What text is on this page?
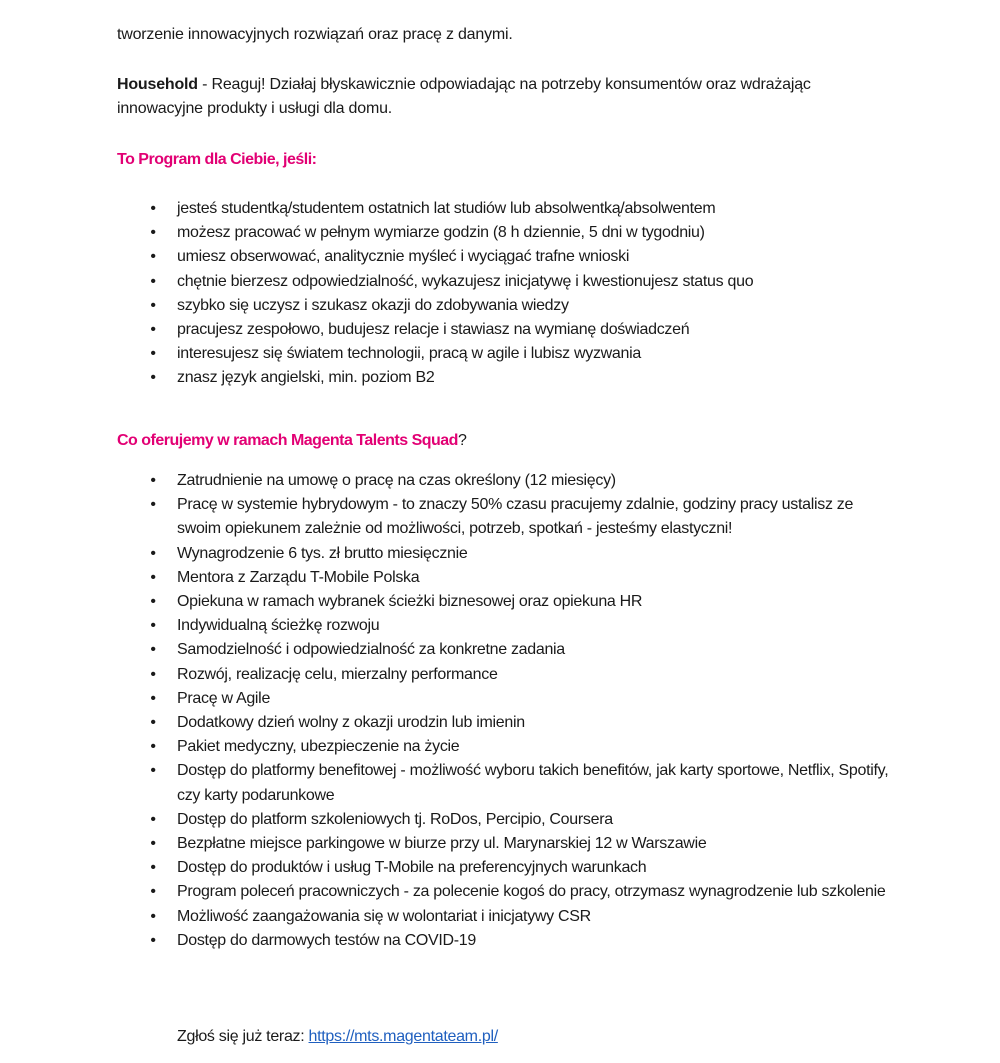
tworzenie innowacyjnych rozwiązań oraz pracę z danymi.
Household - Reaguj! Działaj błyskawicznie odpowiadając na potrzeby konsumentów oraz wdrażając innowacyjne produkty i usługi dla domu.
To Program dla Ciebie, jeśli:
• jesteś studentką/studentem ostatnich lat studiów lub absolwentką/absolwentem
• możesz pracować w pełnym wymiarze godzin (8 h dziennie, 5 dni w tygodniu)
• umiesz obserwować, analitycznie myśleć i wyciągać trafne wnioski
• chętnie bierzesz odpowiedzialność, wykazujesz inicjatywę i kwestionujesz status quo
• szybko się uczysz i szukasz okazji do zdobywania wiedzy
• pracujesz zespołowo, budujesz relacje i stawiasz na wymianę doświadczeń
• interesujesz się światem technologii, pracą w agile i lubisz wyzwania
• znasz język angielski, min. poziom B2
Co oferujemy w ramach Magenta Talents Squad?
• Zatrudnienie na umowę o pracę na czas określony (12 miesięcy)
• Pracę w systemie hybrydowym - to znaczy 50% czasu pracujemy zdalnie, godziny pracy ustalisz ze swoim opiekunem zależnie od możliwości, potrzeb, spotkań - jesteśmy elastyczni!
• Wynagrodzenie 6 tys. zł brutto miesięcznie
• Mentora z Zarządu T-Mobile Polska
• Opiekuna w ramach wybranek ścieżki biznesowej oraz opiekuna HR
• Indywidualną ścieżkę rozwoju
• Samodzielność i odpowiedzialność za konkretne zadania
• Rozwój, realizację celu, mierzalny performance
• Pracę w Agile
• Dodatkowy dzień wolny z okazji urodzin lub imienin
• Pakiet medyczny, ubezpieczenie na życie
• Dostęp do platformy benefitowej - możliwość wyboru takich benefitów, jak karty sportowe, Netflix, Spotify, czy karty podarunkowe
• Dostęp do platform szkoleniowych tj. RoDos, Percipio, Coursera
• Bezpłatne miejsce parkingowe w biurze przy ul. Marynarskiej 12 w Warszawie
• Dostęp do produktów i usług T-Mobile na preferencyjnych warunkach
• Program poleceń pracowniczych - za polecenie kogoś do pracy, otrzymasz wynagrodzenie lub szkolenie
• Możliwość zaangażowania się w wolontariat i inicjatywy CSR
• Dostęp do darmowych testów na COVID-19
Zgłoś się już teraz: https://mts.magentateam.pl/
